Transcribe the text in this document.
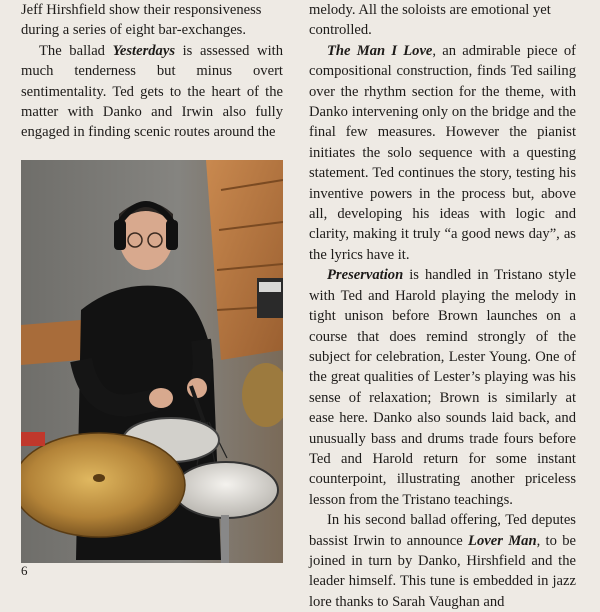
Jeff Hirshfield show their responsiveness
during a series of eight bar-exchanges.

The ballad Yesterdays is assessed with much tenderness but minus overt sentimentality. Ted gets to the heart of the matter with Danko and Irwin also fully engaged in finding scenic routes around the

melody. All the soloists are emotional yet
controlled.

The Man I Love, an admirable piece of compositional construction, finds Ted sailing over the rhythm section for the theme, with Danko intervening only on the bridge and the final few measures. However the pianist initiates the solo sequence with a questing statement. Ted continues the story, testing his inventive powers in the process but, above all, developing his ideas with logic and clarity, making it truly “a good news day”, as the lyrics have it.

Preservation is handled in Tristano style with Ted and Harold playing the melody in tight unison before Brown launches on a course that does remind strongly of the subject for celebration, Lester Young. One of the great qualities of Lester’s playing was his sense of relaxation; Brown is similarly at ease here. Danko also sounds laid back, and unusually bass and drums trade fours before Ted and Harold return for some instant counterpoint, illustrating another priceless lesson from the Tristano teachings.

In his second ballad offering, Ted deputes bassist Irwin to announce Lover Man, to be joined in turn by Danko, Hirshfield and the leader himself. This tune is embedded in jazz lore thanks to Sarah Vaughan and

6
